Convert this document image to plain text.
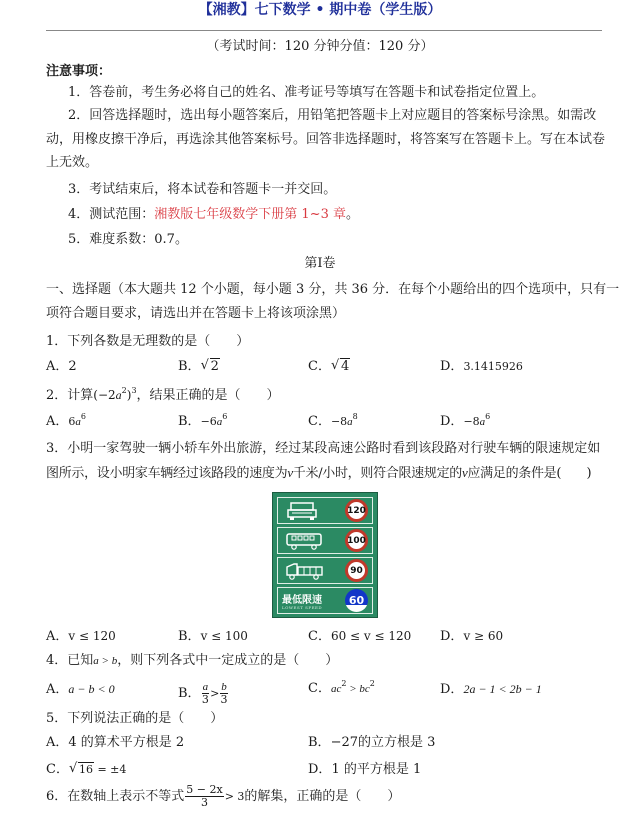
【湘教】七下数学 • 期中卷（学生版）
（考试时间：120 分钟分值：120 分）
注意事项：
1．答卷前，考生务必将自己的姓名、准考证号等填写在答题卡和试卷指定位置上。
2．回答选择题时，选出每小题答案后，用铅笔把答题卡上对应题目的答案标号涂黑。如需改
动，用橡皮擦干净后，再选涂其他答案标号。回答非选择题时，将答案写在答题卡上。写在本试卷
上无效。
3．考试结束后，将本试卷和答题卡一并交回。
4．测试范围：湘教版七年级数学下册第 1~3 章。
5．难度系数：0.7。
第Ⅰ卷
一、选择题（本大题共 12 个小题，每小题 3 分，共 36 分．在每个小题给出的四个选项中，只有一
项符合题目要求，请选出并在答题卡上将该项涂黑）
1．下列各数是无理数的是（　　）
A．2	B． √ 2	C． √ 4	D．3.1415926
2．计算$(-2a^2)^3$，结果正确的是（　　）
A．$6a^6$	B．$-6a^6$	C．$-8a^8$	D．$-8a^6$
3．小明一家驾驶一辆小轿车外出旅游，经过某段高速公路时看到该段路对行驶车辆的限速规定如
图所示，设小明家车辆经过该路段的速度为v千米/小时，则符合限速规定的v应满足的条件是(　　)
120
100
90
最低限速
LOWEST SPEED
60
A．v ≤ 120	B．v ≤ 100	C．60 ≤ v ≤ 120 D．v ≥ 60
4．已知a > b，则下列各式中一定成立的是（　　）
A．a − b < 0	B． $\frac{a}{3} > \frac{b}{3}$	C．$ac^2 > bc^2$	D．2a − 1 < 2b − 1
5．下列说法正确的是（　　）
A．4 的算术平方根是 2	B．−27的立方根是 3
C． √ 16 = ±4	D．1 的平方根是 1
6．在数轴上表示不等式 $\frac{5 - 2x}{3} > 3$的解集，正确的是（　　）
